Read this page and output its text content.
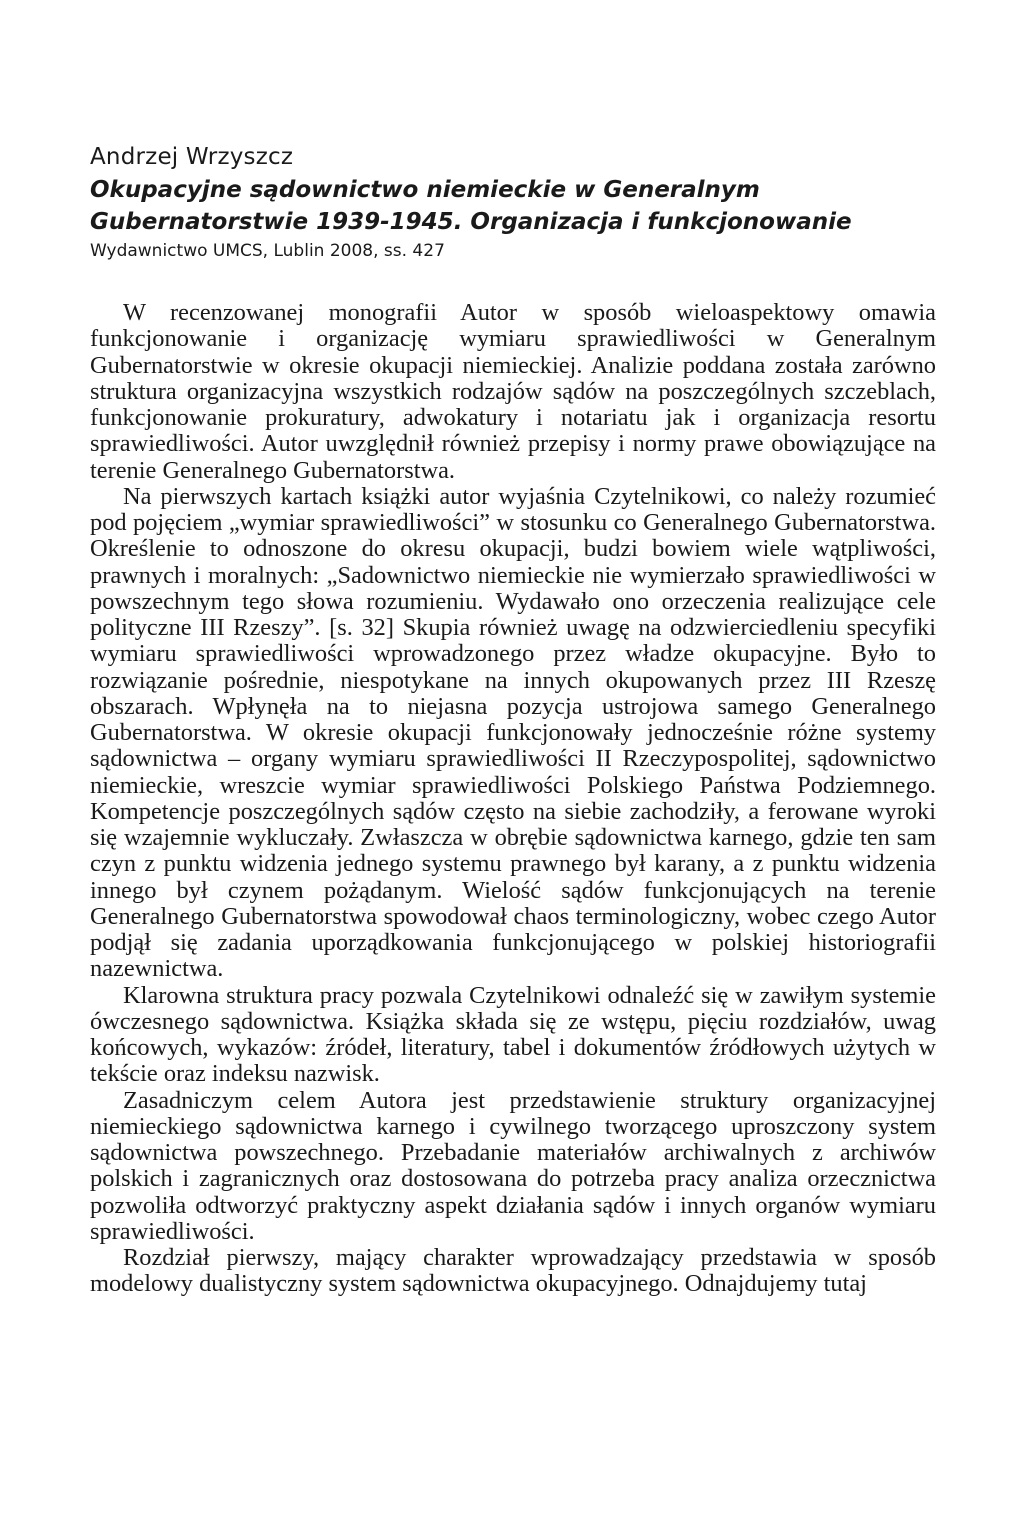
Andrzej Wrzyszcz
Okupacyjne sądownictwo niemieckie w Generalnym Gubernatorstwie 1939-1945. Organizacja i funkcjonowanie
Wydawnictwo UMCS, Lublin 2008, ss. 427

W recenzowanej monografii Autor w sposób wieloaspektowy omawia funkcjonowanie i organizację wymiaru sprawiedliwości w Generalnym Gubernatorstwie w okresie okupacji niemieckiej. Analizie poddana została zarówno struktura organizacyjna wszystkich rodzajów sądów na poszczególnych szczeblach, funkcjonowanie prokuratury, adwokatury i notariatu jak i organizacja resortu sprawiedliwości. Autor uwzględnił również przepisy i normy prawe obowiązujące na terenie Generalnego Gubernatorstwa.

Na pierwszych kartach książki autor wyjaśnia Czytelnikowi, co należy rozumieć pod pojęciem „wymiar sprawiedliwości” w stosunku co Generalnego Gubernatorstwa. Określenie to odnoszone do okresu okupacji, budzi bowiem wiele wątpliwości, prawnych i moralnych: „Sadownictwo niemieckie nie wymierzało sprawiedliwości w powszechnym tego słowa rozumieniu. Wydawało ono orzeczenia realizujące cele polityczne III Rzeszy”. [s. 32] Skupia również uwagę na odzwierciedleniu specyfiki wymiaru sprawiedliwości wprowadzonego przez władze okupacyjne. Było to rozwiązanie pośrednie, niespotykane na innych okupowanych przez III Rzeszę obszarach. Wpłynęła na to niejasna pozycja ustrojowa samego Generalnego Gubernatorstwa. W okresie okupacji funkcjonowały jednocześnie różne systemy sądownictwa – organy wymiaru sprawiedliwości II Rzeczypospolitej, sądownictwo niemieckie, wreszcie wymiar sprawiedliwości Polskiego Państwa Podziemnego. Kompetencje poszczególnych sądów często na siebie zachodziły, a ferowane wyroki się wzajemnie wykluczały. Zwłaszcza w obrębie sądownictwa karnego, gdzie ten sam czyn z punktu widzenia jednego systemu prawnego był karany, a z punktu widzenia innego był czynem pożądanym. Wielość sądów funkcjonujących na terenie Generalnego Gubernatorstwa spowodował chaos terminologiczny, wobec czego Autor podjął się zadania uporządkowania funkcjonującego w polskiej historiografii nazewnictwa.

Klarowna struktura pracy pozwala Czytelnikowi odnaleźć się w zawiłym systemie ówczesnego sądownictwa. Książka składa się ze wstępu, pięciu rozdziałów, uwag końcowych, wykazów: źródeł, literatury, tabel i dokumentów źródłowych użytych w tekście oraz indeksu nazwisk.

Zasadniczym celem Autora jest przedstawienie struktury organizacyjnej niemieckiego sądownictwa karnego i cywilnego tworzącego uproszczony system sądownictwa powszechnego. Przebadanie materiałów archiwalnych z archiwów polskich i zagranicznych oraz dostosowana do potrzeba pracy analiza orzecznictwa pozwoliła odtworzyć praktyczny aspekt działania sądów i innych organów wymiaru sprawiedliwości.

Rozdział pierwszy, mający charakter wprowadzający przedstawia w sposób modelowy dualistyczny system sądownictwa okupacyjnego. Odnajdujemy tutaj
